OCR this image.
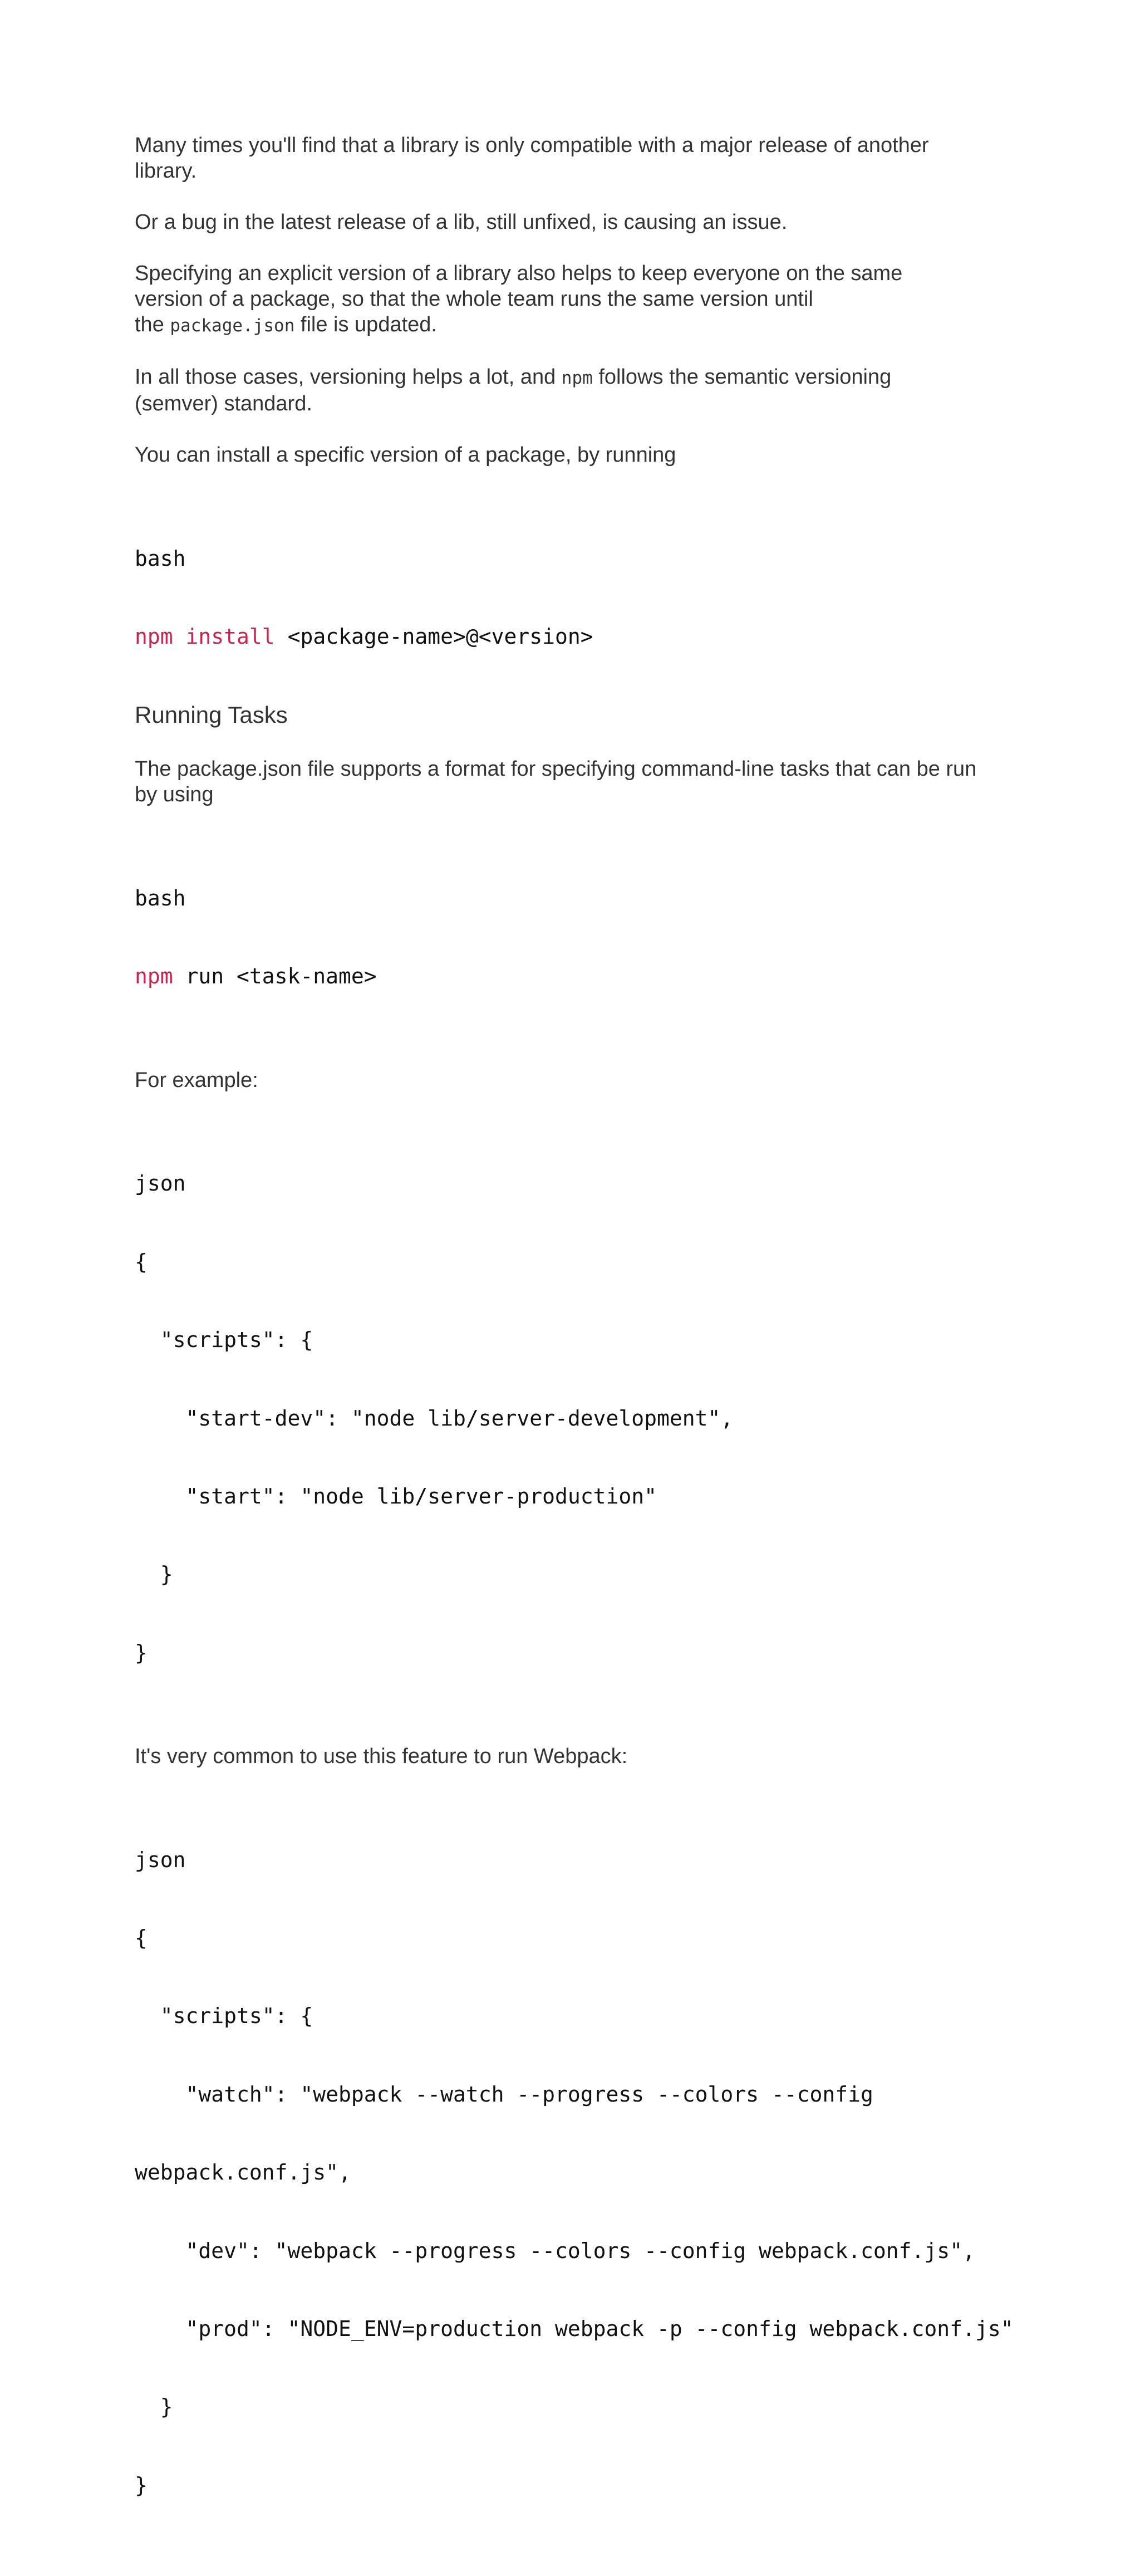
Many times you'll find that a library is only compatible with a major release of another library.

Or a bug in the latest release of a lib, still unfixed, is causing an issue.

Specifying an explicit version of a library also helps to keep everyone on the same
version of a package, so that the whole team runs the same version until
the package.json file is updated.

In all those cases, versioning helps a lot, and npm follows the semantic versioning (semver) standard.

You can install a specific version of a package, by running

bash

npm install <package-name>@<version>

Running Tasks

The package.json file supports a format for specifying command-line tasks that can be run by using

bash

npm run <task-name>

For example:

json

{

"scripts": {

"start-dev": "node lib/server-development",

"start": "node lib/server-production"

}

}

It's very common to use this feature to run Webpack:

json

{

"scripts": {

"watch": "webpack --watch --progress --colors --config

webpack.conf.js",

"dev": "webpack --progress --colors --config webpack.conf.js",

"prod": "NODE_ENV=production webpack -p --config webpack.conf.js"

}

}
